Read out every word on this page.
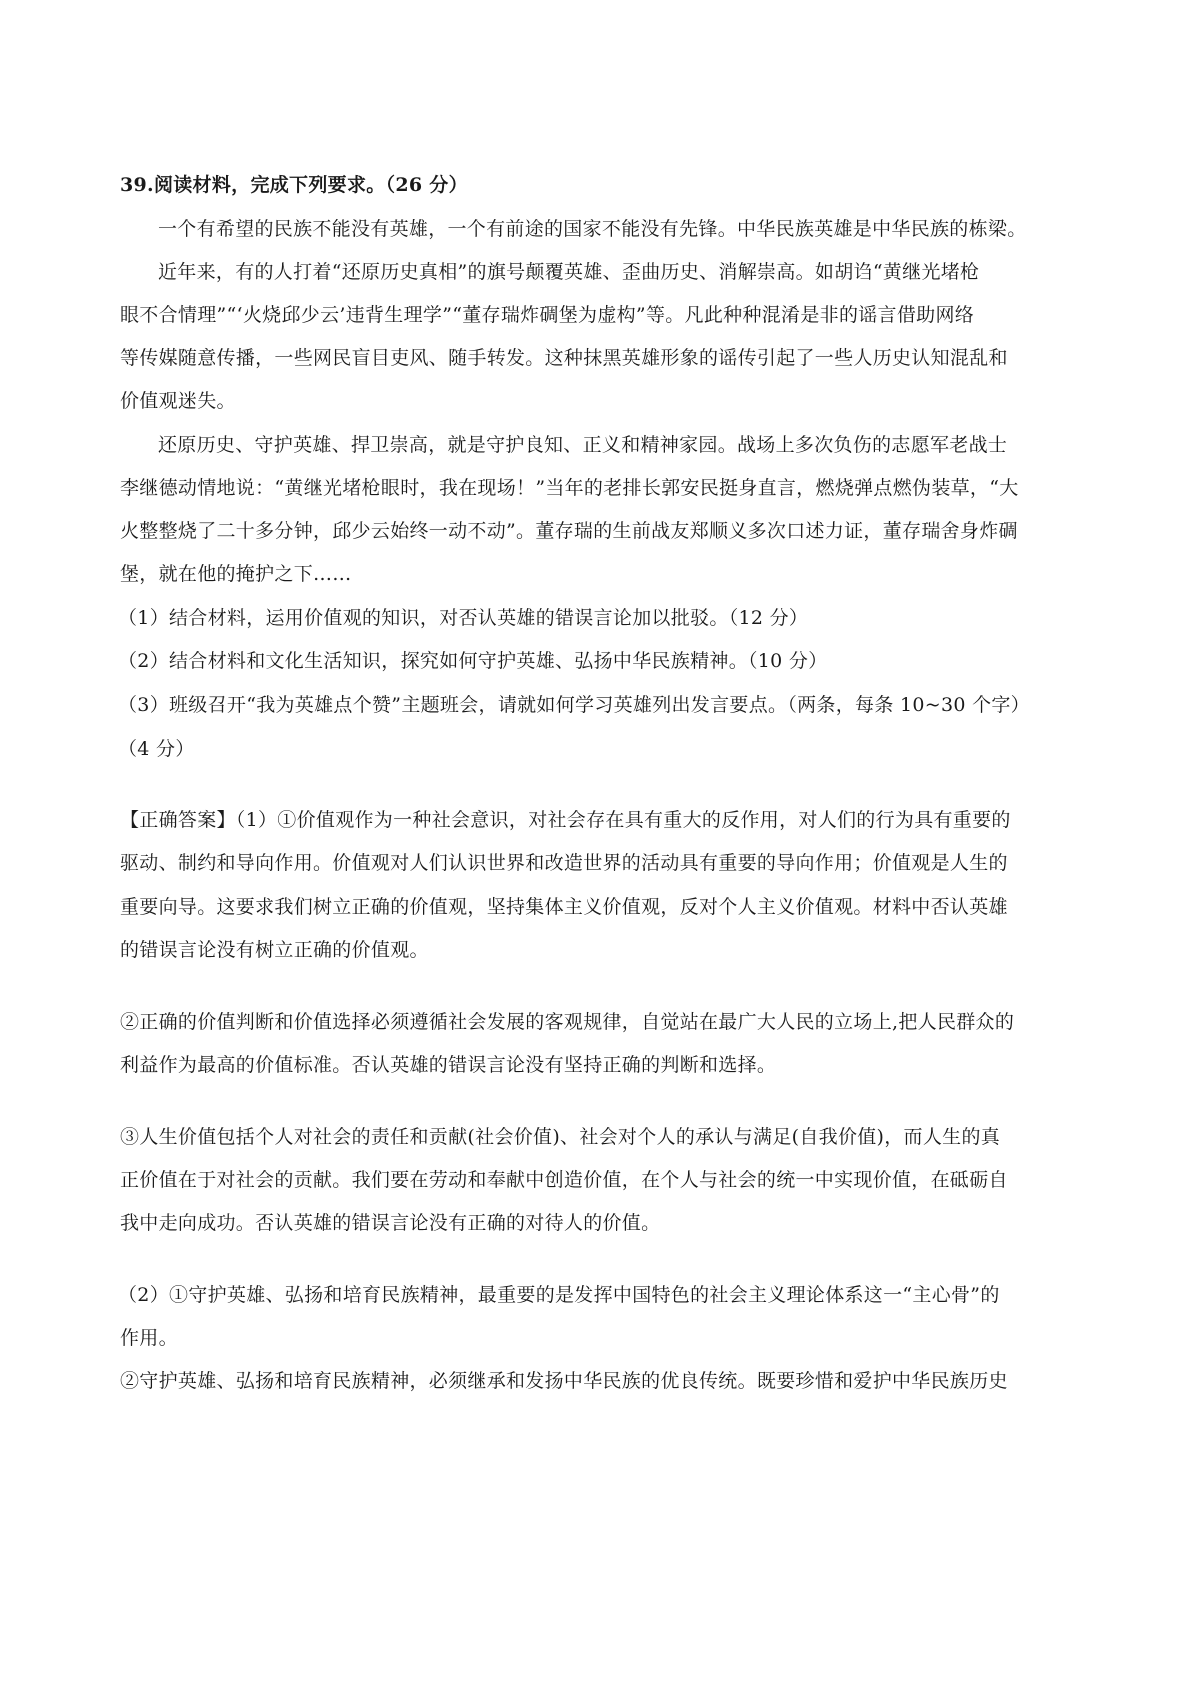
39.阅读材料，完成下列要求。（26 分）
一个有希望的民族不能没有英雄，一个有前途的国家不能没有先锋。中华民族英雄是中华民族的栋梁。
近年来，有的人打着“还原历史真相”的旗号颠覆英雄、歪曲历史、消解崇高。如胡诌“黄继光堵枪
眼不合情理”“‘火烧邱少云’违背生理学”“董存瑞炸碉堡为虚构”等。凡此种种混淆是非的谣言借助网络
等传媒随意传播，一些网民盲目吏风、随手转发。这种抹黑英雄形象的谣传引起了一些人历史认知混乱和
价值观迷失。
还原历史、守护英雄、捍卫崇高，就是守护良知、正义和精神家园。战场上多次负伤的志愿军老战士
李继德动情地说：“黄继光堵枪眼时，我在现场！”当年的老排长郭安民挺身直言，燃烧弹点燃伪装草，“大
火整整烧了二十多分钟，邱少云始终一动不动”。董存瑞的生前战友郑顺义多次口述力证，董存瑞舍身炸碉
堡，就在他的掩护之下……
（1）结合材料，运用价值观的知识，对否认英雄的错误言论加以批驳。（12 分）
（2）结合材料和文化生活知识，探究如何守护英雄、弘扬中华民族精神。（10 分）
（3）班级召开“我为英雄点个赞”主题班会，请就如何学习英雄列出发言要点。（两条，每条 10~30 个字）
（4 分）
【正确答案】（1）①价值观作为一种社会意识，对社会存在具有重大的反作用，对人们的行为具有重要的
驱动、制约和导向作用。价值观对人们认识世界和改造世界的活动具有重要的导向作用；价值观是人生的
重要向导。这要求我们树立正确的价值观，坚持集体主义价值观，反对个人主义价值观。材料中否认英雄
的错误言论没有树立正确的价值观。
②正确的价值判断和价值选择必须遵循社会发展的客观规律，自觉站在最广大人民的立场上,把人民群众的
利益作为最高的价值标准。否认英雄的错误言论没有坚持正确的判断和选择。
③人生价值包括个人对社会的责任和贡献(社会价值)、社会对个人的承认与满足(自我价值)，而人生的真
正价值在于对社会的贡献。我们要在劳动和奉献中创造价值，在个人与社会的统一中实现价值，在砥砺自
我中走向成功。否认英雄的错误言论没有正确的对待人的价值。
（2）①守护英雄、弘扬和培育民族精神，最重要的是发挥中国特色的社会主义理论体系这一“主心骨”的
作用。
②守护英雄、弘扬和培育民族精神，必须继承和发扬中华民族的优良传统。既要珍惜和爱护中华民族历史
